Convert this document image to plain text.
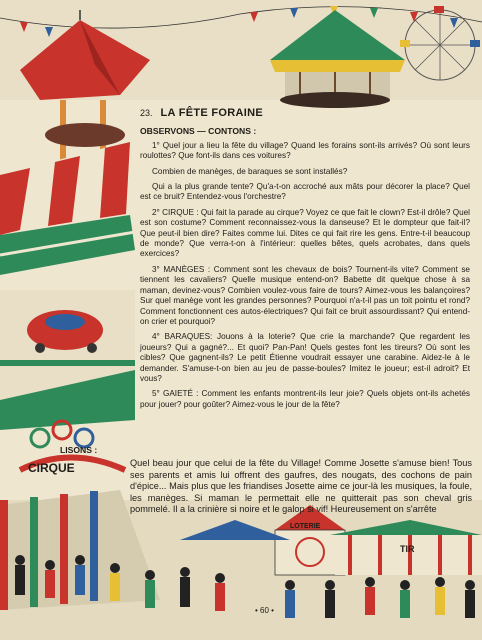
CIRQUE
LOTERIE
TIR
23. LA FÊTE FORAINE
OBSERVONS — CONTONS :

1° Quel jour a lieu la fête du village? Quand les forains sont-ils arrivés? Où sont leurs roulottes? Que font-ils dans ces voitures?

Combien de manèges, de baraques se sont installés?

Qui a la plus grande tente? Qu'a-t-on accroché aux mâts pour décorer la place? Quel est ce bruit? Entendez-vous l'orchestre?

2° CIRQUE : Qui fait la parade au cirque? Voyez ce que fait le clown? Est-il drôle? Quel est son costume? Comment reconnaissez-vous la danseuse? Et le dompteur que fait-il? Que peut-il bien dire? Faites comme lui. Dites ce qui fait rire les gens. Entre-t-il beaucoup de monde? Que verra-t-on à l'intérieur: quelles bêtes, quels acrobates, dans quels exercices?

3° MANÈGES : Comment sont les chevaux de bois? Tournent-ils vite? Comment se tiennent les cavaliers? Quelle musique entend-on? Babette dit quelque chose à sa maman, devinez-vous? Combien voulez-vous faire de tours? Aimez-vous les balançoires? Sur quel manège vont les grandes personnes? Pourquoi n'a-t-il pas un toit pointu et rond? Comment fonctionnent ces autos-électriques? Qui fait ce bruit assourdissant? Qui entend-on crier et pourquoi?

4° BARAQUES: Jouons à la loterie? Que crie la marchande? Que regardent les joueurs? Qui a gagné?... Et quoi? Pan-Pan! Quels gestes font les tireurs? Où sont les cibles? Que gagnent-ils? Le petit Étienne voudrait essayer une carabine. Aidez-le à le demander. S'amuse-t-on bien au jeu de passe-boules? Imitez le joueur; est-il adroit? Et vous?

5° GAIETÉ : Comment les enfants montrent-ils leur joie? Quels objets ont-ils achetés pour jouer? pour goûter? Aimez-vous le jour de la fête?

LISONS :
Quel beau jour que celui de la fête du Village! Comme Josette s'amuse bien! Tous ses parents et amis lui offrent des gaufres, des nougats, des cochons de pain d'épice... Mais plus que les friandises Josette aime ce jour-là les musiques, la foule, les manèges. Si maman le permettait elle ne quitterait pas son cheval gris pommelé. Il a la crinière si noire et le galop si vif! Heureusement on s'arrête
• 60 •
